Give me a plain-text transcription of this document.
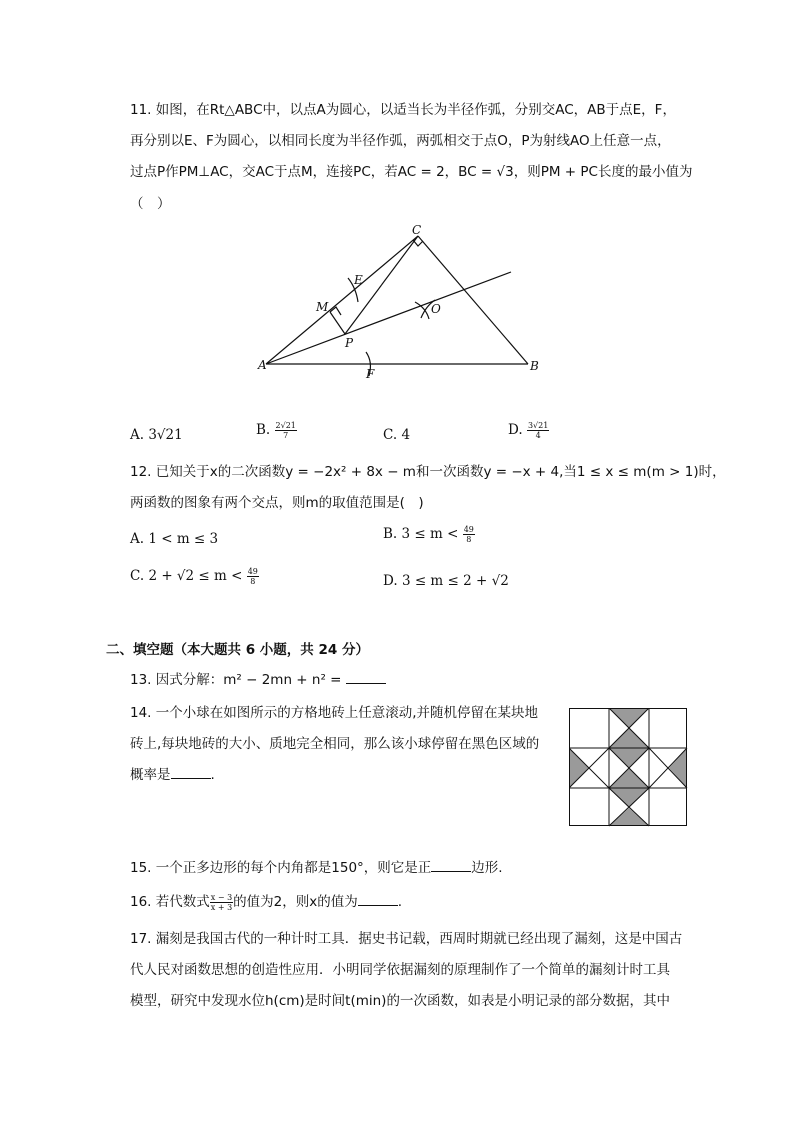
11. 如图，在Rt△ABC中，以点A为圆心，以适当长为半径作弧，分别交AC，AB于点E，F，
再分别以E、F为圆心，以相同长度为半径作弧，两弧相交于点O，P为射线AO上任意一点，
过点P作PM⊥AC，交AC于点M，连接PC，若AC = 2，BC = √3，则PM + PC长度的最小值为
（　）
A	B
C
E
F
M
P
O
A. 3√21	B. $\frac{2√21}{7}$	C. 4	D. $\frac{3√21}{4}$
12. 已知关于x的二次函数y = −2x² + 8x − m和一次函数y = −x + 4,当1 ≤ x ≤ m(m > 1)时，
两函数的图象有两个交点，则m的取值范围是(　)
A. 1 < m ≤ 3	B. $3 \le m < \frac{49}{8}$
C. $2 + √2 \le m < \frac{49}{8}$	D. 3 ≤ m ≤ 2 + √2
二、填空题（本大题共 6 小题，共 24 分）
13. 因式分解：m² − 2mn + n² =
14. 一个小球在如图所示的方格地砖上任意滚动,并随机停留在某块地
砖上,每块地砖的大小、质地完全相同，那么该小球停留在黑色区域的
概率是	.
15. 一个正多边形的每个内角都是150°，则它是正	边形.
16. 若代数式 $\frac{x - 3}{x + 3}$ 的值为2，则x的值为	.
17. 漏刻是我国古代的一种计时工具．据史书记载，西周时期就已经出现了漏刻，这是中国古
代人民对函数思想的创造性应用．小明同学依据漏刻的原理制作了一个简单的漏刻计时工具
模型，研究中发现水位h(cm)是时间t(min)的一次函数，如表是小明记录的部分数据，其中
